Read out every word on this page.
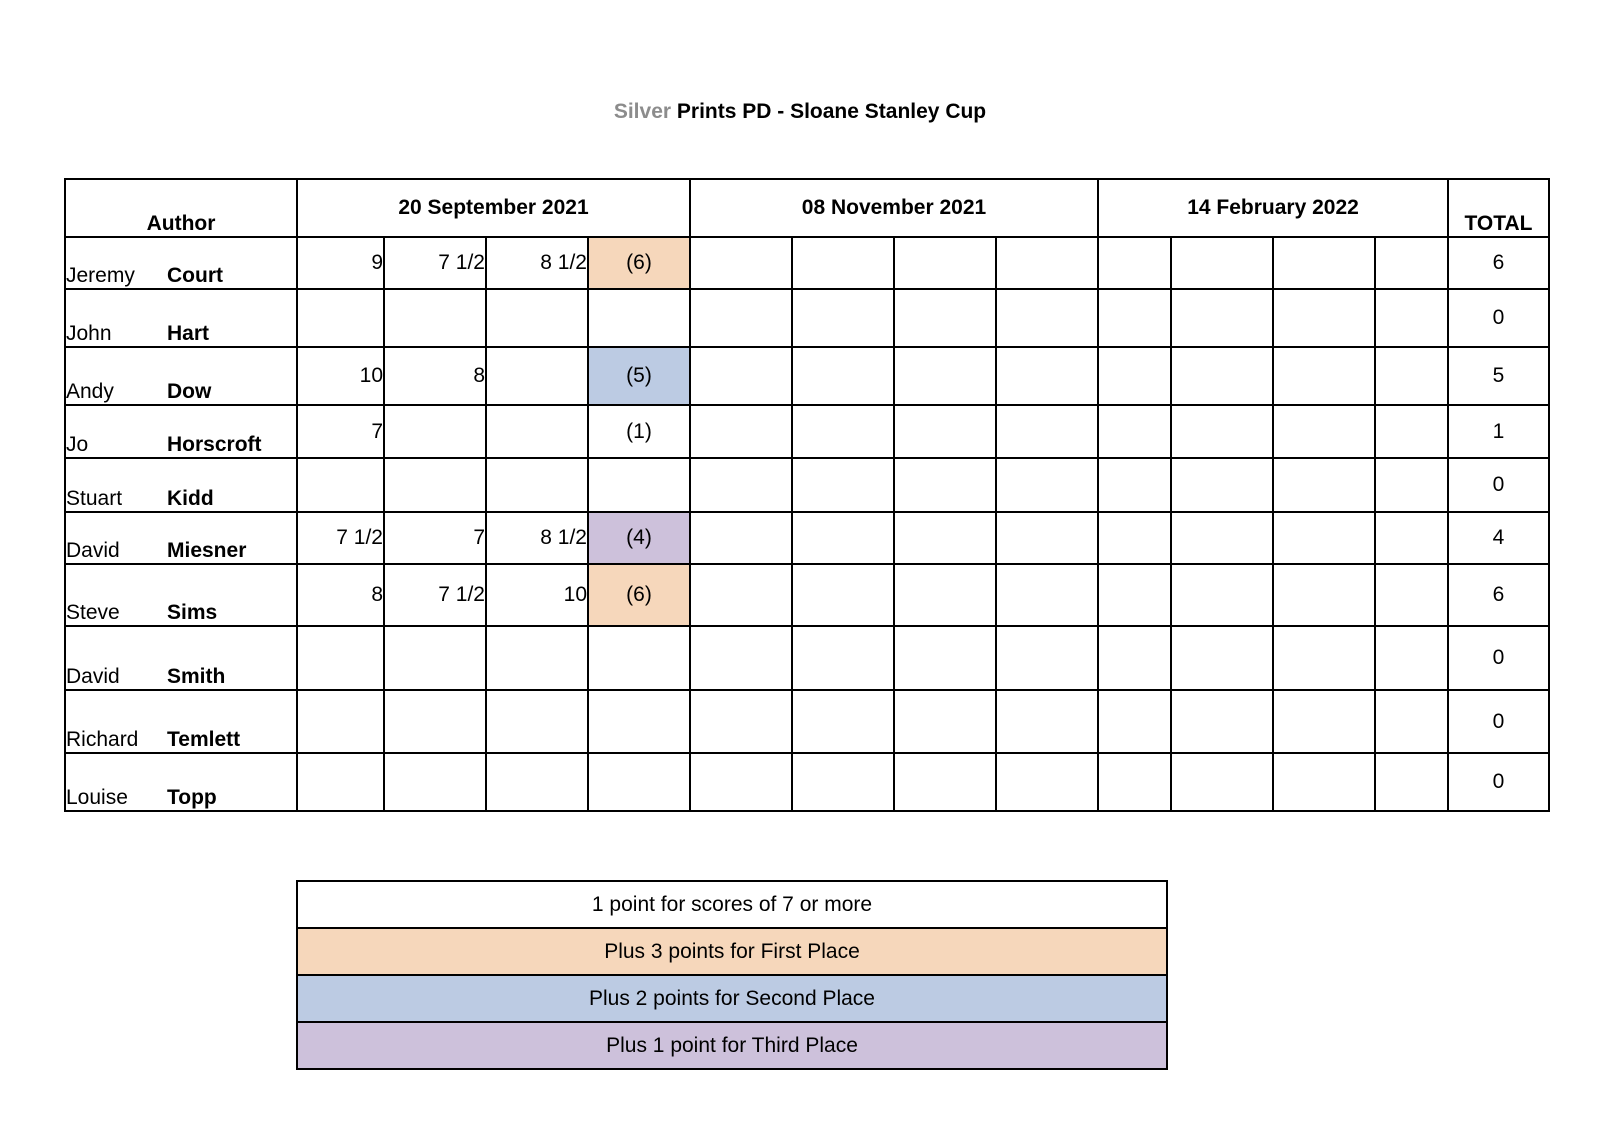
Silver Prints PD - Sloane Stanley Cup
Author	20 September 2021				08 November 2021				14 February 2022				TOTAL
Jeremy Court	9	7 1/2	8 1/2	(6)									6
John Hart													0
Andy Dow	10	8		(5)									5
Jo Horscroft	7			(1)									1
Stuart Kidd													0
David Miesner	7 1/2	7	8 1/2	(4)									4
Steve Sims	8	7 1/2	10	(6)									6
David Smith													0
Richard Temlett													0
Louise Topp													0
1 point for scores of 7 or more
Plus 3 points for First Place
Plus 2 points for Second Place
Plus 1 point for Third Place
